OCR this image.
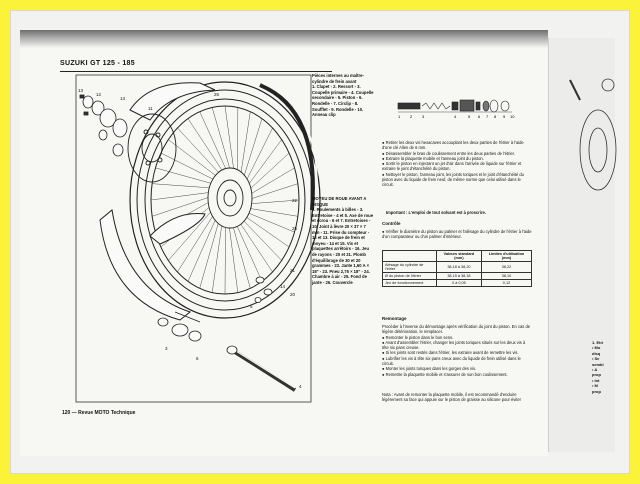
SUZUKI GT 125 - 185
26
13
12
13
11
22
25
21
20
6
3
4
5
14
1 2 3	4	5 6 7 8 9 10
Pièces internes au maître-cylindre de frein avant
1. Clapet - 2. Ressort - 3. Coupelle primaire - 4. Coupelle secondaire - 5. Piston - 6. Rondelle - 7. Circlip - 8. Soufflet - 9. Rondelle - 10. Anneau clip
MOYEU DE ROUE AVANT A DISQUE
2. Roulements à billes - 3. Entretoise - 4 et 5. Axe de roue et écrou - 6 et 7. Entretoises - 10. Joint à lèvre 20 × 37 × 7 mm - 11. Prise du compteur - 12 et 13. Disque de frein et moyeu - 14 et 15. Vis et plaquettes arrêtoirs - 16. Jeu de rayons - 20 et 21. Plomb d'équilibrage de 30 et 20 grammes - 23. Jante 1,60 A × 18" - 23. Pneu 2,75 × 18" - 24. Chambre à air - 25. Fond de jante - 26. Couvercle
● Retirer les deux vis hexacaves accouplant les deux parties de l'étrier à l'aide d'une clé Allen de 6 mm.
● Désassembler le bras de coulissement entre les deux parties de l'étrier.
● Extraire la plaquette mobile et l'anneau joint du piston.
● Sortir le piston en injectant un jet d'air dans l'arrivée de liquide sur l'étrier et extraire le joint d'étanchéité du piston.
● Nettoyer le piston, l'anneau joint, les joints toriques et le joint d'étanchéité du piston avec du liquide de frein neuf, de même norme que celui utilisé dans le circuit.
Important : L'emploi de tout solvant est à proscrire.
Contrôle
● Vérifier le diamètre du piston au palmer et l'alésage du cylindre de l'étrier à l'aide d'un comparateur ou d'un palmer d'intérieur.
	Valeurs standard (mm)	Limites d'utilisation (mm)
Alésage du cylindre de l'étrier	38,18 à 38,20	38,22
Ø du piston de l'étrier	38,15 à 38,18	38,10
Jeu de fonctionnement	0 à 0,05	0,12
Remontage
Procéder à l'inverse du démontage après vérification du joint du piston. En cas de légère détérioration, le remplacer.
● Remonter le piston dans le bon sens.
● Avant d'assembler l'étrier, changer les joints toriques situés sur les deux vis à tête six pans creuse.
● Si les joints sont restés dans l'étrier, les extraire avant de remettre les vis.
● Lubrifier les vis à tête six pans creux avec du liquide de frein utilisé dans le circuit.
● Monter les joints toriques dans les gorges des vis.
● Remettre la plaquette mobile et s'assurer de son bon coulissement.
Nota : Avant de remonter la plaquette mobile, il est recommandé d'enduire légèrement sa face qui appuie sur le piston de graisse au silicone pour éviter
1. Etri
• Mo
disq
• Se
sembl
• A
prop
• Int
• M
prop
120 — Revue MOTO Technique
